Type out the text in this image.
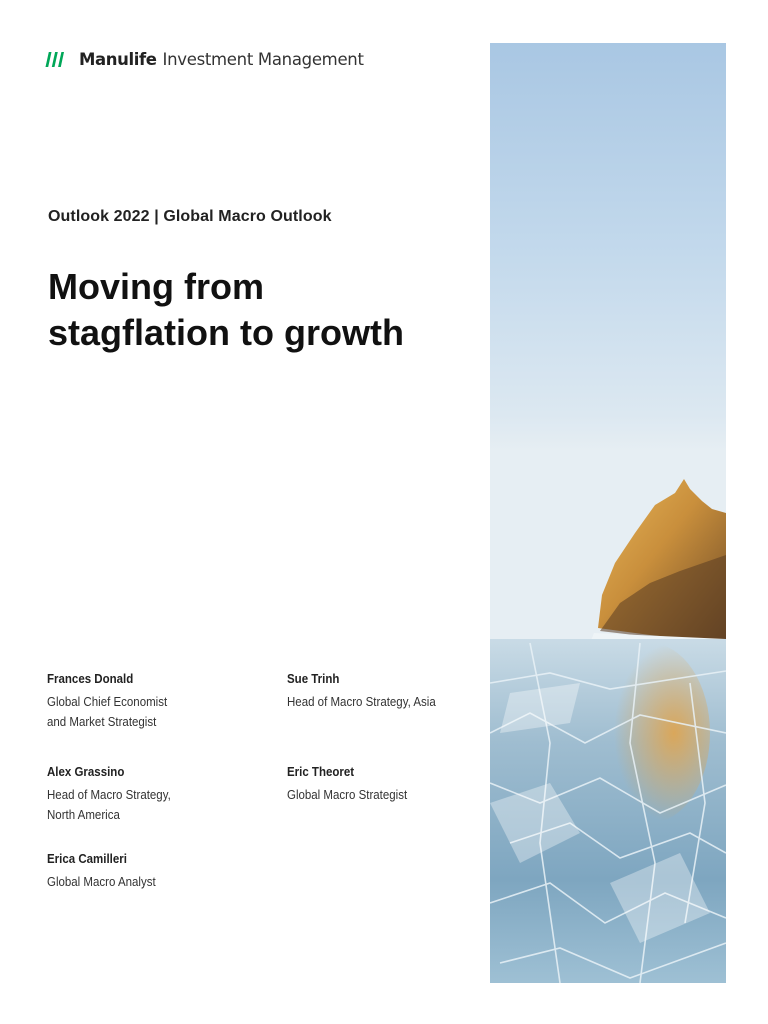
Manulife Investment Management
Outlook 2022 | Global Macro Outlook
Moving from
stagflation to growth
Frances Donald
Global Chief Economist
and Market Strategist
Sue Trinh
Head of Macro Strategy, Asia
Alex Grassino
Head of Macro Strategy,
North America
Eric Theoret
Global Macro Strategist
Erica Camilleri
Global Macro Analyst
